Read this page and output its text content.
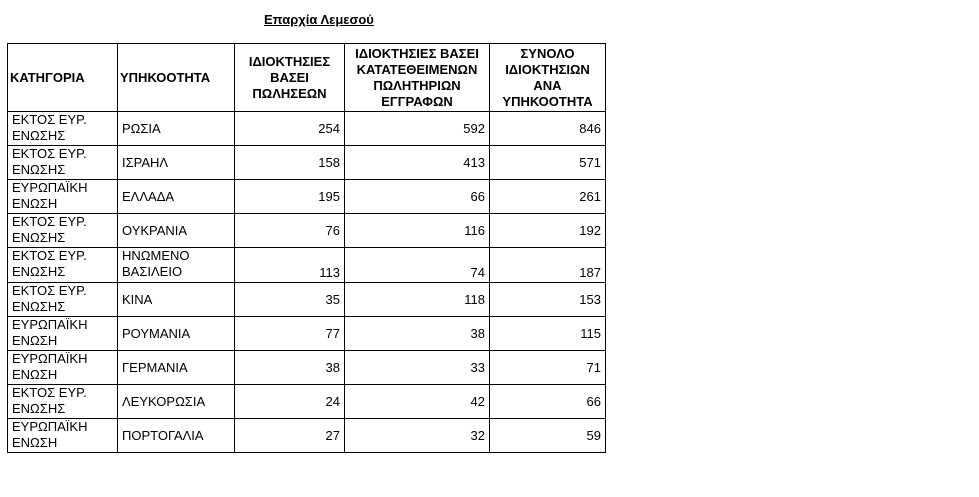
Επαρχία Λεμεσού
ΚΑΤΗΓΟΡΙΑ	ΥΠΗΚΟΟΤΗΤΑ	ΙΔΙΟΚΤΗΣΙΕΣ ΒΑΣΕΙ ΠΩΛΗΣΕΩΝ	ΙΔΙΟΚΤΗΣΙΕΣ ΒΑΣΕΙ ΚΑΤΑΤΕΘΕΙΜΕΝΩΝ ΠΩΛΗΤΗΡΙΩΝ ΕΓΓΡΑΦΩΝ	ΣΥΝΟΛΟ ΙΔΙΟΚΤΗΣΙΩΝ ΑΝΑ ΥΠΗΚΟΟΤΗΤΑ
ΕΚΤΟΣ ΕΥΡ. ΕΝΩΣΗΣ	ΡΩΣΙΑ	254	592	846
ΕΚΤΟΣ ΕΥΡ. ΕΝΩΣΗΣ	ΙΣΡΑΗΛ	158	413	571
ΕΥΡΩΠΑΪΚΗ ΕΝΩΣΗ	ΕΛΛΑΔΑ	195	66	261
ΕΚΤΟΣ ΕΥΡ. ΕΝΩΣΗΣ	ΟΥΚΡΑΝΙΑ	76	116	192
ΕΚΤΟΣ ΕΥΡ. ΕΝΩΣΗΣ	ΗΝΩΜΕΝΟ ΒΑΣΙΛΕΙΟ	113	74	187
ΕΚΤΟΣ ΕΥΡ. ΕΝΩΣΗΣ	ΚΙΝΑ	35	118	153
ΕΥΡΩΠΑΪΚΗ ΕΝΩΣΗ	ΡΟΥΜΑΝΙΑ	77	38	115
ΕΥΡΩΠΑΪΚΗ ΕΝΩΣΗ	ΓΕΡΜΑΝΙΑ	38	33	71
ΕΚΤΟΣ ΕΥΡ. ΕΝΩΣΗΣ	ΛΕΥΚΟΡΩΣΙΑ	24	42	66
ΕΥΡΩΠΑΪΚΗ ΕΝΩΣΗ	ΠΟΡΤΟΓΑΛΙΑ	27	32	59
